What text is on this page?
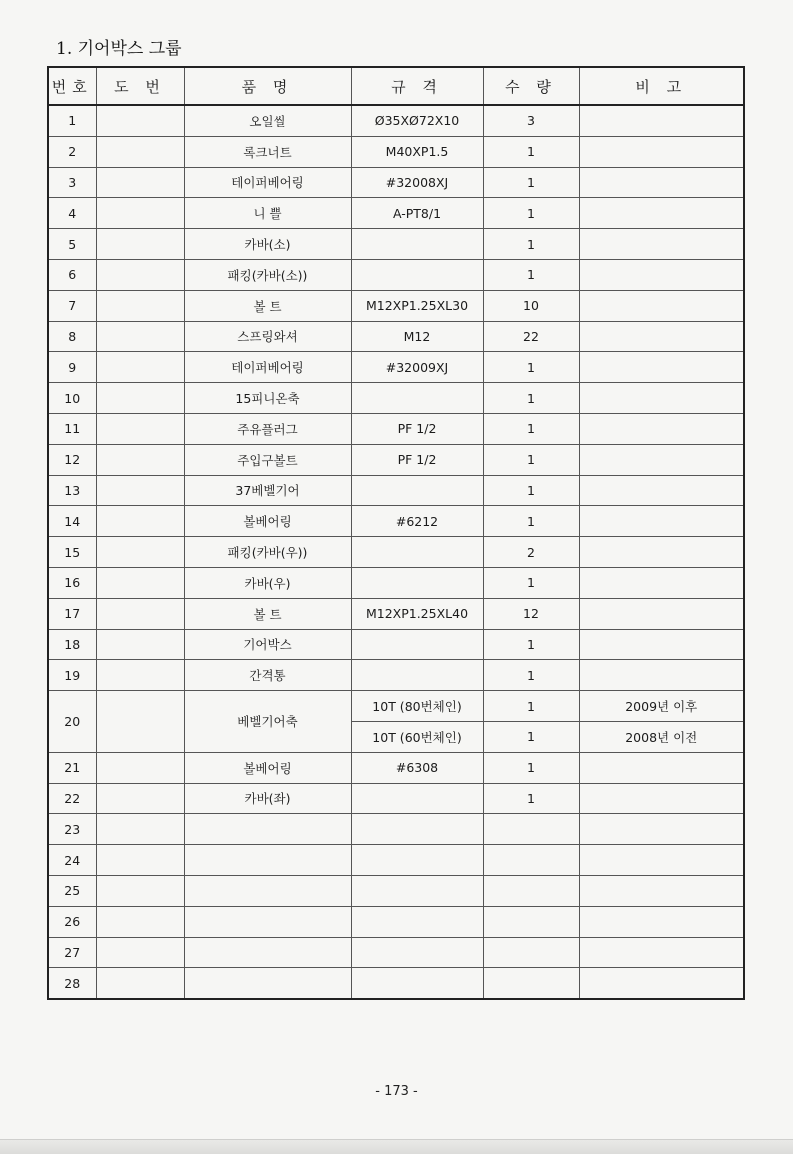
1. 기어박스 그룹
번호	도 번	품 명	규 격	수 량	비 고
1		오일씰	Ø35XØ72X10	3	
2		록크너트	M40XP1.5	1	
3		테이퍼베어링	#32008XJ	1	
4		니 쁠	A-PT8/1	1	
5		카바(소)		1	
6		패킹(카바(소))		1	
7		볼 트	M12XP1.25XL30	10	
8		스프링와셔	M12	22	
9		테이퍼베어링	#32009XJ	1	
10		15피니온축		1	
11		주유플러그	PF 1/2	1	
12		주입구볼트	PF 1/2	1	
13		37베벨기어		1	
14		볼베어링	#6212	1	
15		패킹(카바(우))		2	
16		카바(우)		1	
17		볼 트	M12XP1.25XL40	12	
18		기어박스		1	
19		간격통		1	
20		베벨기어축	10T (80번체인)	1	2009년 이후
			10T (60번체인)	1	2008년 이전
21		볼베어링	#6308	1	
22		카바(좌)		1	
23					
24					
25					
26					
27					
28					
- 173 -
